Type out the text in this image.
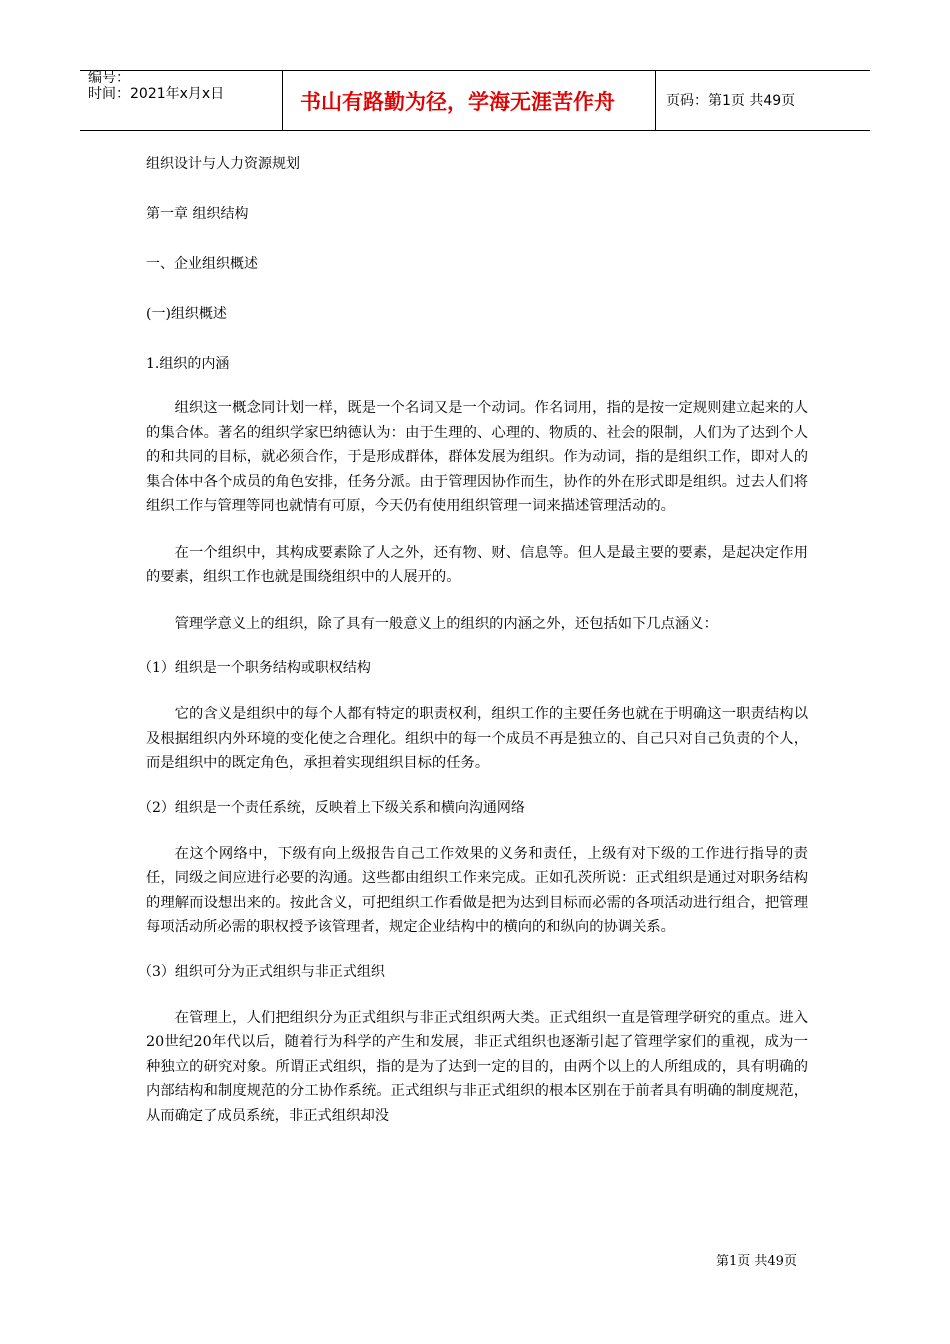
编号：
时间：2021年x月x日	书山有路勤为径，学海无涯苦作舟	页码：第1页 共49页

组织设计与人力资源规划

第一章 组织结构

一、企业组织概述

(一)组织概述

1.组织的内涵

组织这一概念同计划一样，既是一个名词又是一个动词。作名词用，指的是按一定规则建立起来的人的集合体。著名的组织学家巴纳德认为：由于生理的、心理的、物质的、社会的限制，人们为了达到个人的和共同的目标，就必须合作，于是形成群体，群体发展为组织。作为动词，指的是组织工作，即对人的集合体中各个成员的角色安排，任务分派。由于管理因协作而生，协作的外在形式即是组织。过去人们将组织工作与管理等同也就情有可原，今天仍有使用组织管理一词来描述管理活动的。

在一个组织中，其构成要素除了人之外，还有物、财、信息等。但人是最主要的要素，是起决定作用的要素，组织工作也就是围绕组织中的人展开的。

管理学意义上的组织，除了具有一般意义上的组织的内涵之外，还包括如下几点涵义：

（1）组织是一个职务结构或职权结构

它的含义是组织中的每个人都有特定的职责权利，组织工作的主要任务也就在于明确这一职责结构以及根据组织内外环境的变化使之合理化。组织中的每一个成员不再是独立的、自己只对自己负责的个人，而是组织中的既定角色，承担着实现组织目标的任务。

（2）组织是一个责任系统，反映着上下级关系和横向沟通网络

在这个网络中，下级有向上级报告自己工作效果的义务和责任，上级有对下级的工作进行指导的责任，同级之间应进行必要的沟通。这些都由组织工作来完成。正如孔茨所说：正式组织是通过对职务结构的理解而设想出来的。按此含义，可把组织工作看做是把为达到目标而必需的各项活动进行组合，把管理每项活动所必需的职权授予该管理者，规定企业结构中的横向的和纵向的协调关系。

（3）组织可分为正式组织与非正式组织

在管理上，人们把组织分为正式组织与非正式组织两大类。正式组织一直是管理学研究的重点。进入20世纪20年代以后，随着行为科学的产生和发展，非正式组织也逐渐引起了管理学家们的重视，成为一种独立的研究对象。所谓正式组织，指的是为了达到一定的目的，由两个以上的人所组成的，具有明确的内部结构和制度规范的分工协作系统。正式组织与非正式组织的根本区别在于前者具有明确的制度规范，从而确定了成员系统，非正式组织却没

第1页 共49页
